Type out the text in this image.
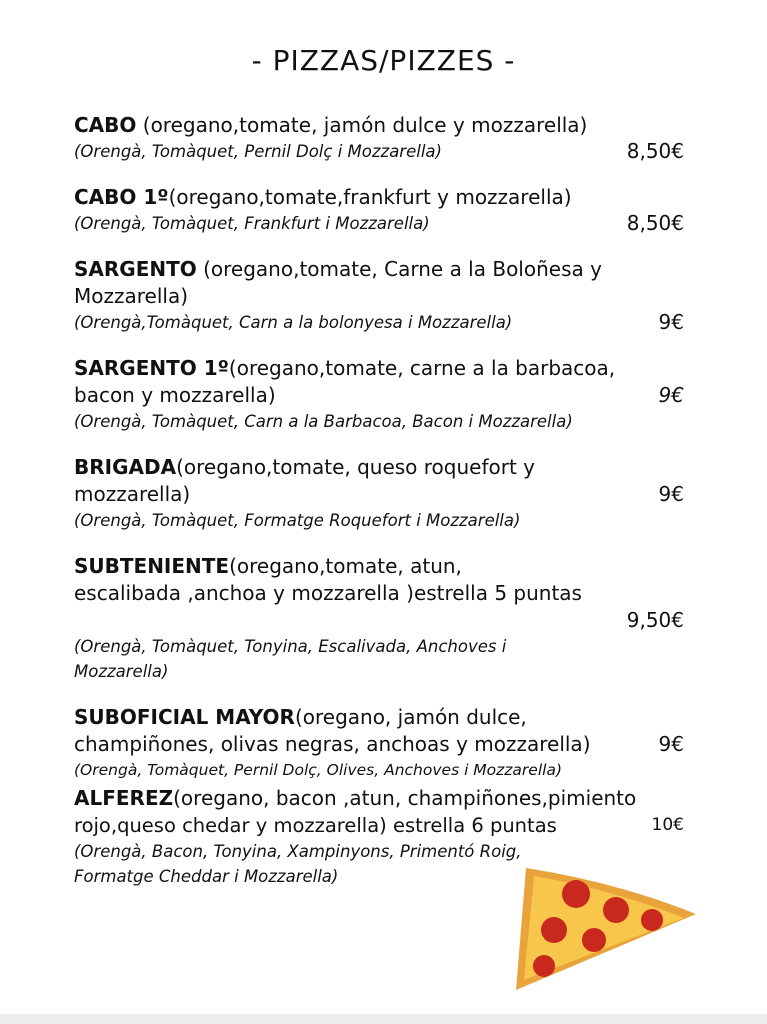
- PIZZAS/PIZZES -
CABO (oregano,tomate, jamón dulce y mozzarella)
(Orengà, Tomàquet, Pernil Dolç i Mozzarella)	8,50€
CABO 1º(oregano,tomate,frankfurt y mozzarella)
(Orengà, Tomàquet, Frankfurt i Mozzarella)	8,50€
SARGENTO (oregano,tomate, Carne a la Boloñesa y
Mozzarella)
(Orengà,Tomàquet, Carn a la bolonyesa i Mozzarella)	9€
SARGENTO 1º(oregano,tomate, carne a la barbacoa,
bacon y mozzarella)	9€
(Orengà, Tomàquet, Carn a la Barbacoa, Bacon i Mozzarella)
BRIGADA(oregano,tomate, queso roquefort y
mozzarella)	9€
(Orengà, Tomàquet, Formatge Roquefort i Mozzarella)
SUBTENIENTE(oregano,tomate, atun,
escalibada ,anchoa y mozzarella )estrella 5 puntas
9,50€
(Orengà, Tomàquet, Tonyina, Escalivada, Anchoves i
Mozzarella)
SUBOFICIAL MAYOR(oregano, jamón dulce,
champiñones, olivas negras, anchoas y mozzarella)	9€
(Orengà, Tomàquet, Pernil Dolç, Olives, Anchoves i Mozzarella)
ALFEREZ(oregano, bacon ,atun, champiñones,pimiento
rojo,queso chedar y mozzarella) estrella 6 puntas	10€
(Orengà, Bacon, Tonyina, Xampinyons, Primentó Roig,
Formatge Cheddar i Mozzarella)
